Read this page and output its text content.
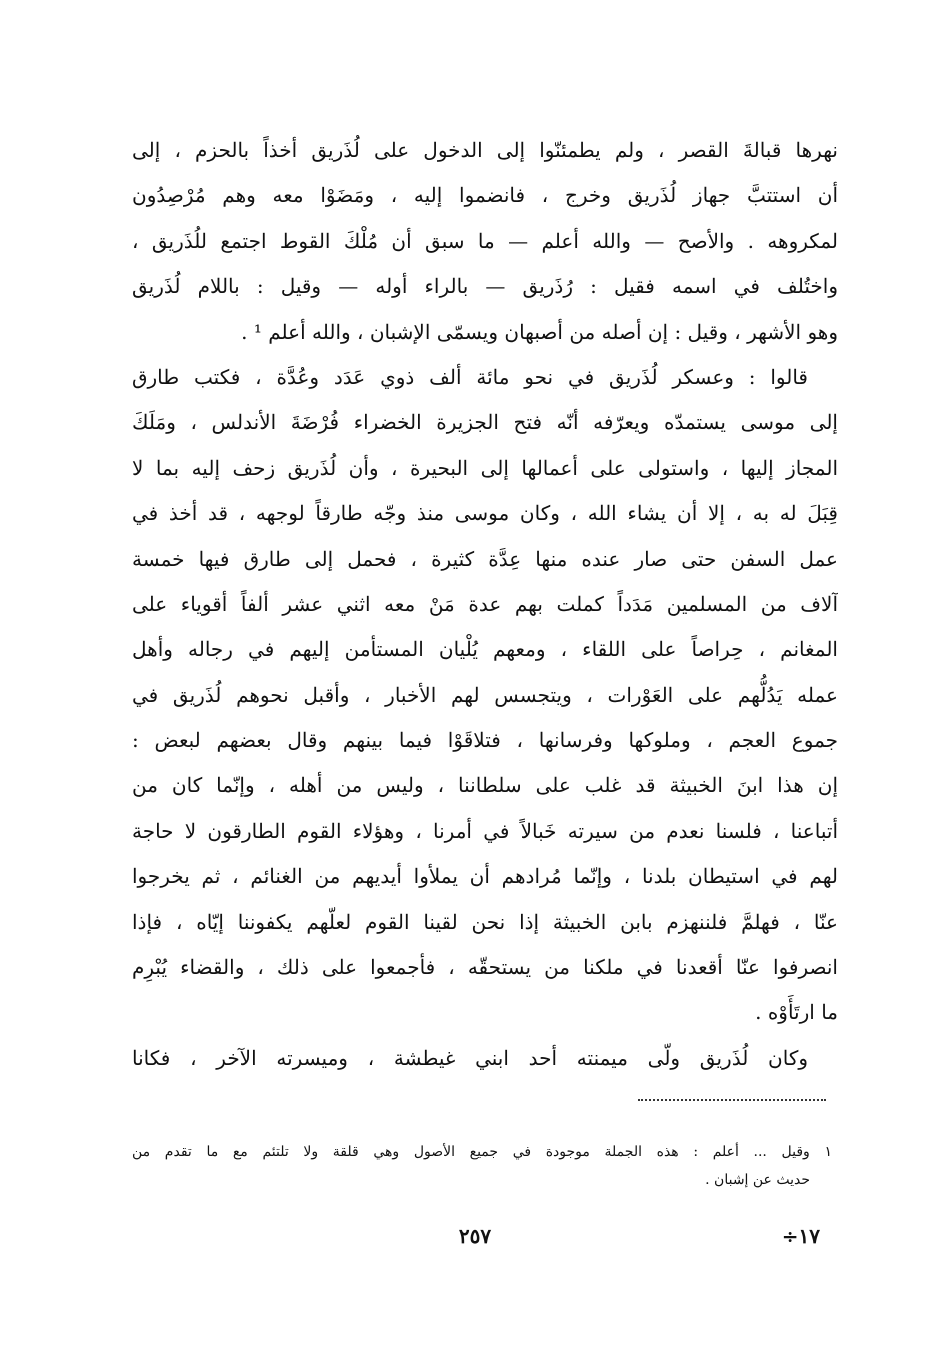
نهرها قبالةَ القصر ، ولم يطمئنّوا إلى الدخول على لُذَريق أخذاً بالحزم ، إلى
أن استتبَّ جهاز لُذَريق وخرج ، فانضموا إليه ، ومَضَوْا معه وهم مُرْصِدُون
لمكروهه . والأصح — والله أعلم — ما سبق أن مُلْكَ القوط اجتمع للُذَريق ،
واختُلف في اسمه فقيل : رُذَريق — بالراء أوله — وقيل : باللام لُذَريق
وهو الأشهر ، وقيل : إن أصله من أصبهان ويسمّى الإشبان ، والله أعلم ¹ .
قالوا : وعسكر لُذَريق في نحو مائة ألف ذوي عَدَد وعُدَّة ، فكتب طارق
إلى موسى يستمدّه ويعرّفه أنّه فتح الجزيرة الخضراء فُرْضَةَ الأندلس ، ومَلَكَ
المجاز إليها ، واستولى على أعمالها إلى البحيرة ، وأن لُذَريق زحف إليه بما لا
قِبَلَ له به ، إلا أن يشاء الله ، وكان موسى منذ وجّه طارقاً لوجهه ، قد أخذ في
عمل السفن حتى صار عنده منها عِدَّة كثيرة ، فحمل إلى طارق فيها خمسة
آلاف من المسلمين مَدَداً كملت بهم عدة مَنْ معه اثني عشر ألفاً أقوياء على
المغانم ، حِراصاً على اللقاء ، ومعهم يُلْيان المستأمن إليهم في رجاله وأهل
عمله يَدُلُّهم على العَوْرات ، ويتجسس لهم الأخبار ، وأقبل نحوهم لُذَريق في
جموع العجم ، وملوكها وفرسانها ، فتلاقَوْا فيما بينهم وقال بعضهم لبعض :
إن هذا ابنَ الخبيثة قد غلب على سلطاننا ، وليس من أهله ، وإنّما كان من
أتباعنا ، فلسنا نعدم من سيرته خَبالاً في أمرنا ، وهؤلاء القوم الطارقون لا حاجة
لهم في استيطان بلدنا ، وإنّما مُرادهم أن يملأوا أيديهم من الغنائم ، ثم يخرجوا
عنّا ، فهلمَّ فلننهزم بابن الخبيثة إذا نحن لقينا القوم لعلّهم يكفوننا إيّاه ، فإذا
انصرفوا عنّا أقعدنا في ملكنا من يستحقّه ، فأجمعوا على ذلك ، والقضاء يُبْرِم
ما ارتَأَوْه .
وكان لُذَريق ولّى ميمنته أحد ابني غيطشة ، وميسرته الآخر ، فكانا
١ وقيل ... أعلم : هذه الجملة موجودة في جميع الأصول وهي قلقة ولا تلتئم مع ما تقدم من
حديث عن إشبان .
٢٥٧	١٧÷
